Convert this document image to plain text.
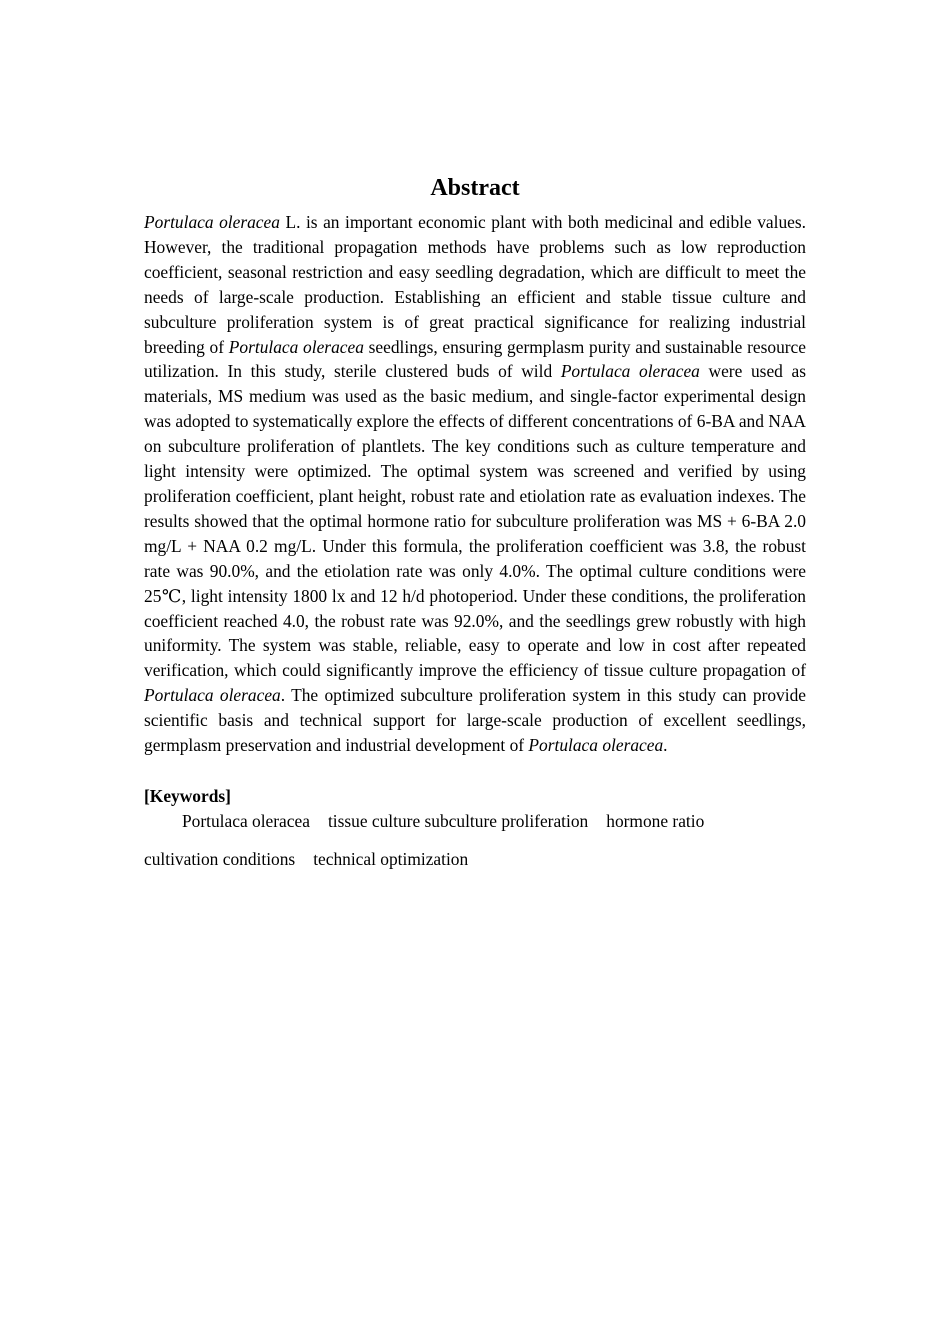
Abstract

Portulaca oleracea L. is an important economic plant with both medicinal and edible values. However, the traditional propagation methods have problems such as low reproduction coefficient, seasonal restriction and easy seedling degradation, which are difficult to meet the needs of large-scale production. Establishing an efficient and stable tissue culture and subculture proliferation system is of great practical significance for realizing industrial breeding of Portulaca oleracea seedlings, ensuring germplasm purity and sustainable resource utilization. In this study, sterile clustered buds of wild Portulaca oleracea were used as materials, MS medium was used as the basic medium, and single-factor experimental design was adopted to systematically explore the effects of different concentrations of 6-BA and NAA on subculture proliferation of plantlets. The key conditions such as culture temperature and light intensity were optimized. The optimal system was screened and verified by using proliferation coefficient, plant height, robust rate and etiolation rate as evaluation indexes. The results showed that the optimal hormone ratio for subculture proliferation was MS + 6-BA 2.0 mg/L + NAA 0.2 mg/L. Under this formula, the proliferation coefficient was 3.8, the robust rate was 90.0%, and the etiolation rate was only 4.0%. The optimal culture conditions were 25℃, light intensity 1800 lx and 12 h/d photoperiod. Under these conditions, the proliferation coefficient reached 4.0, the robust rate was 92.0%, and the seedlings grew robustly with high uniformity. The system was stable, reliable, easy to operate and low in cost after repeated verification, which could significantly improve the efficiency of tissue culture propagation of Portulaca oleracea. The optimized subculture proliferation system in this study can provide scientific basis and technical support for large-scale production of excellent seedlings, germplasm preservation and industrial development of Portulaca oleracea.

[Keywords]
Portulaca oleracea tissue culture subculture proliferation hormone ratio
cultivation conditions technical optimization
